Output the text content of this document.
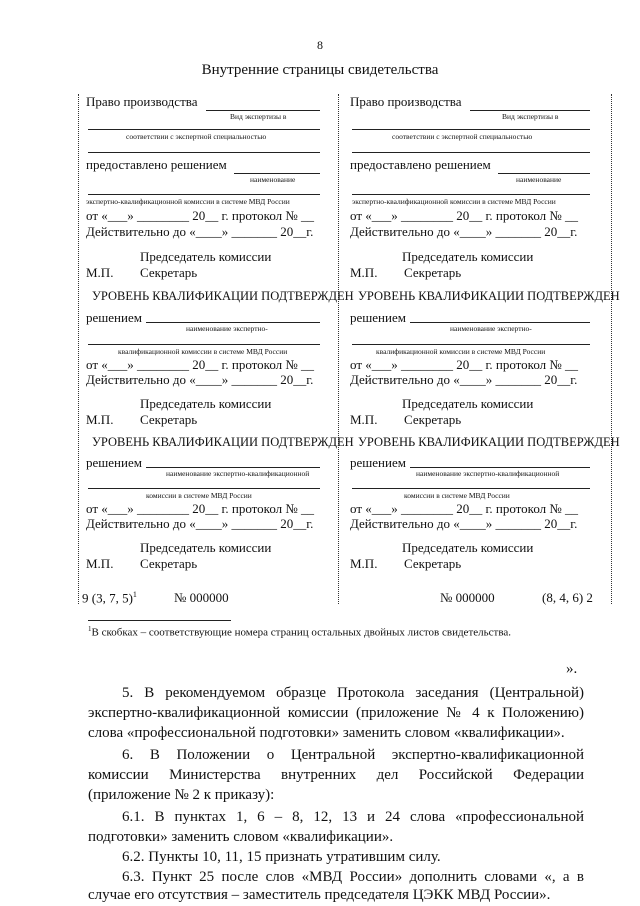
8
Внутренние страницы свидетельства
Право производства
Вид экспертизы в
соответствии с экспертной специальностью
предоставлено решением
наименование
экспертно-квалификационной комиссии в системе МВД России
от «___» ________ 20__ г. протокол № __
Действительно до «____» _______ 20__г.
Председатель комиссии
М.П. Секретарь
УРОВЕНЬ КВАЛИФИКАЦИИ ПОДТВЕРЖДЕН
решением
наименование экспертно-
квалификационной комиссии в системе МВД России
от «___» ________ 20__ г. протокол № __
Действительно до «____» _______ 20__г.
Председатель комиссии
М.П. Секретарь
УРОВЕНЬ КВАЛИФИКАЦИИ ПОДТВЕРЖДЕН
решением
наименование экспертно-квалификационной
комиссии в системе МВД России
от «___» ________ 20__ г. протокол № __
Действительно до «____» _______ 20__г.
Председатель комиссии
М.П. Секретарь
Право производства
Вид экспертизы в
соответствии с экспертной специальностью
предоставлено решением
наименование
экспертно-квалификационной комиссии в системе МВД России
от «___» ________ 20__ г. протокол № __
Действительно до «____» _______ 20__г.
Председатель комиссии
М.П. Секретарь
УРОВЕНЬ КВАЛИФИКАЦИИ ПОДТВЕРЖДЕН
решением
наименование экспертно-
квалификационной комиссии в системе МВД России
от «___» ________ 20__ г. протокол № __
Действительно до «____» _______ 20__г.
Председатель комиссии
М.П. Секретарь
УРОВЕНЬ КВАЛИФИКАЦИИ ПОДТВЕРЖДЕН
решением
наименование экспертно-квалификационной
комиссии в системе МВД России
от «___» ________ 20__ г. протокол № __
Действительно до «____» _______ 20__г.
Председатель комиссии
М.П. Секретарь
9 (3, 7, 5)$^1$	№ 000000	№ 000000	(8, 4, 6) 2
$^1$В скобках – соответствующие номера страниц остальных двойных листов свидетельства.
».
5. В рекомендуемом образце Протокола заседания (Центральной)
экспертно-квалификационной комиссии (приложение № 4 к Положению)
слова «профессиональной подготовки» заменить словом «квалификации».
6. В Положении о Центральной экспертно-квалификационной
комиссии Министерства внутренних дел Российской Федерации
(приложение № 2 к приказу):
6.1. В пунктах 1, 6 – 8, 12, 13 и 24 слова «профессиональной
подготовки» заменить словом «квалификации».
6.2. Пункты 10, 11, 15 признать утратившим силу.
6.3. Пункт 25 после слов «МВД России» дополнить словами «, а в
случае его отсутствия – заместитель председателя ЦЭКК МВД России».
